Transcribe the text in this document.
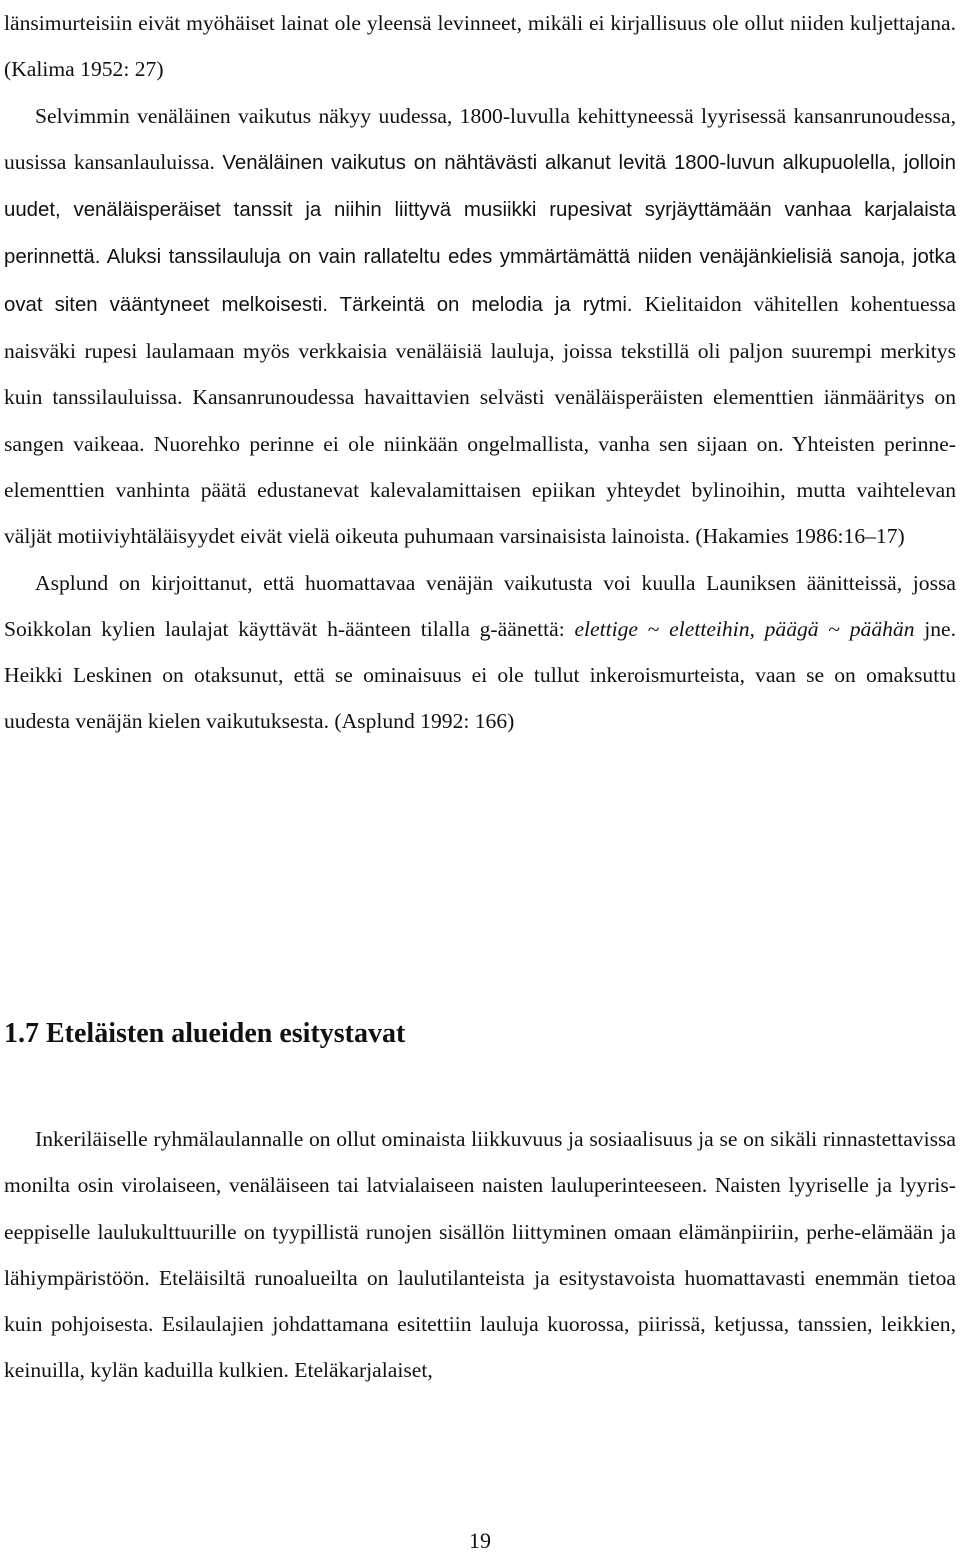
länsimurteisiin eivät myöhäiset lainat ole yleensä levinneet, mikäli ei kirjallisuus ole ollut niiden kuljettajana. (Kalima 1952: 27)

Selvimmin venäläinen vaikutus näkyy uudessa, 1800-luvulla kehittyneessä lyyrisessä kansanrunoudessa, uusissa kansanlauluissa. Venäläinen vaikutus on nähtävästi alkanut levitä 1800-luvun alkupuolella, jolloin uudet, venäläisperäiset tanssit ja niihin liittyvä musiikki rupesivat syrjäyttämään vanhaa karjalaista perinnettä. Aluksi tanssilauluja on vain rallateltu edes ymmärtämättä niiden venäjänkielisiä sanoja, jotka ovat siten vääntyneet melkoisesti. Tärkeintä on melodia ja rytmi. Kielitaidon vähitellen kohentuessa naisväki rupesi laulamaan myös verkkaisia venäläisiä lauluja, joissa tekstillä oli paljon suurempi merkitys kuin tanssilauluissa. Kansanrunoudessa havaittavien selvästi venäläisperäisten elementtien iänmääritys on sangen vaikeaa. Nuorehko perinne ei ole niinkään ongelmallista, vanha sen sijaan on. Yhteisten perinne-elementtien vanhinta päätä edustanevat kalevalamittaisen epiikan yhteydet bylinoihin, mutta vaihtelevan väljät motiiviyhtäläisyydet eivät vielä oikeuta puhumaan varsinaisista lainoista. (Hakamies 1986:16–17)

Asplund on kirjoittanut, että huomattavaa venäjän vaikutusta voi kuulla Launiksen äänitteissä, jossa Soikkolan kylien laulajat käyttävät h-äänteen tilalla g-äänettä: elettige ~ eletteihin, päägä ~ päähän jne. Heikki Leskinen on otaksunut, että se ominaisuus ei ole tullut inkeroismurteista, vaan se on omaksuttu uudesta venäjän kielen vaikutuksesta. (Asplund 1992: 166)

1.7 Eteläisten alueiden esitystavat

Inkeriläiselle ryhmälaulannalle on ollut ominaista liikkuvuus ja sosiaalisuus ja se on sikäli rinnastettavissa monilta osin virolaiseen, venäläiseen tai latvialaiseen naisten lauluperinteeseen. Naisten lyyriselle ja lyyris-eeppiselle laulukulttuurille on tyypillistä runojen sisällön liittyminen omaan elämänpiiriin, perhe-elämään ja lähiympäristöön. Eteläisiltä runoalueilta on laulutilanteista ja esitystavoista huomattavasti enemmän tietoa kuin pohjoisesta. Esilaulajien johdattamana esitettiin lauluja kuorossa, piirissä, ketjussa, tanssien, leikkien, keinuilla, kylän kaduilla kulkien. Eteläkarjalaiset,

19
